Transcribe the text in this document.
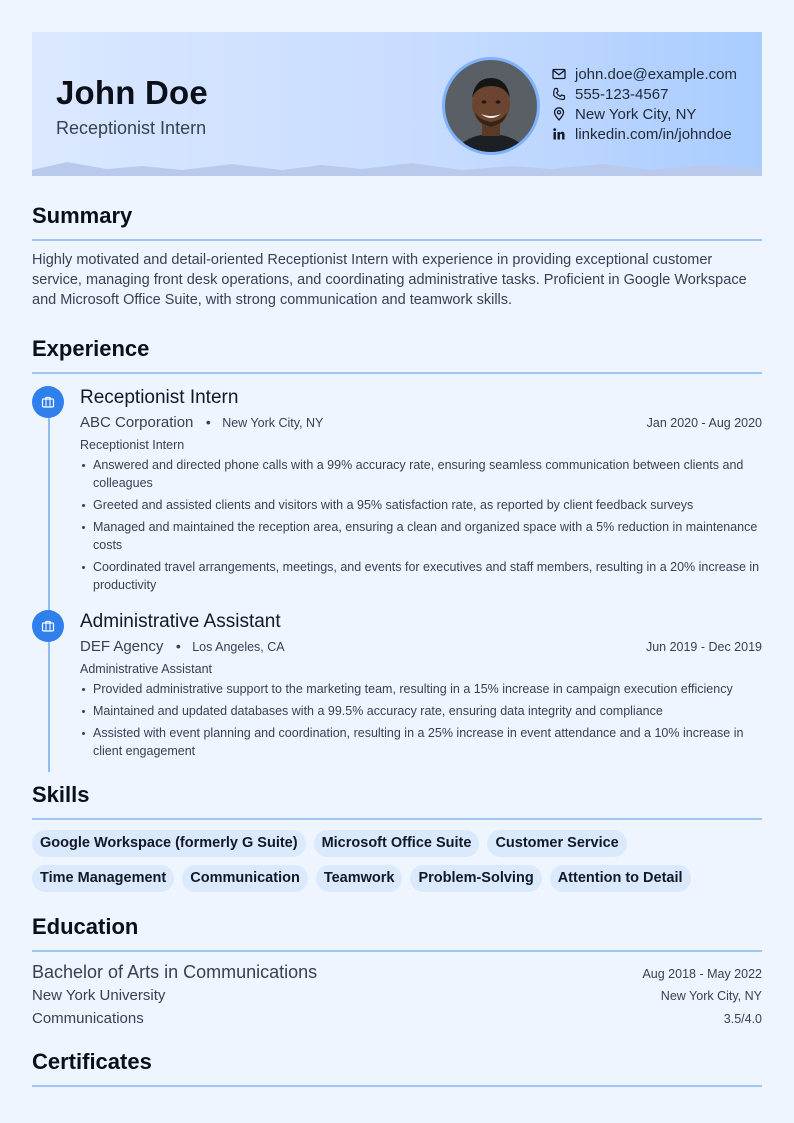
John Doe
Receptionist Intern
john.doe@example.com
555-123-4567
New York City, NY
linkedin.com/in/johndoe
Summary
Highly motivated and detail-oriented Receptionist Intern with experience in providing exceptional customer service, managing front desk operations, and coordinating administrative tasks. Proficient in Google Workspace and Microsoft Office Suite, with strong communication and teamwork skills.
Experience
Receptionist Intern
ABC Corporation • New York City, NY	Jan 2020 - Aug 2020
Receptionist Intern
Answered and directed phone calls with a 99% accuracy rate, ensuring seamless communication between clients and colleagues
Greeted and assisted clients and visitors with a 95% satisfaction rate, as reported by client feedback surveys
Managed and maintained the reception area, ensuring a clean and organized space with a 5% reduction in maintenance costs
Coordinated travel arrangements, meetings, and events for executives and staff members, resulting in a 20% increase in productivity
Administrative Assistant
DEF Agency • Los Angeles, CA	Jun 2019 - Dec 2019
Administrative Assistant
Provided administrative support to the marketing team, resulting in a 15% increase in campaign execution efficiency
Maintained and updated databases with a 99.5% accuracy rate, ensuring data integrity and compliance
Assisted with event planning and coordination, resulting in a 25% increase in event attendance and a 10% increase in client engagement
Skills
Google Workspace (formerly G Suite)	Microsoft Office Suite	Customer Service
Time Management	Communication	Teamwork	Problem-Solving	Attention to Detail
Education
Bachelor of Arts in Communications	Aug 2018 - May 2022
New York University	New York City, NY
Communications	3.5/4.0
Certificates
